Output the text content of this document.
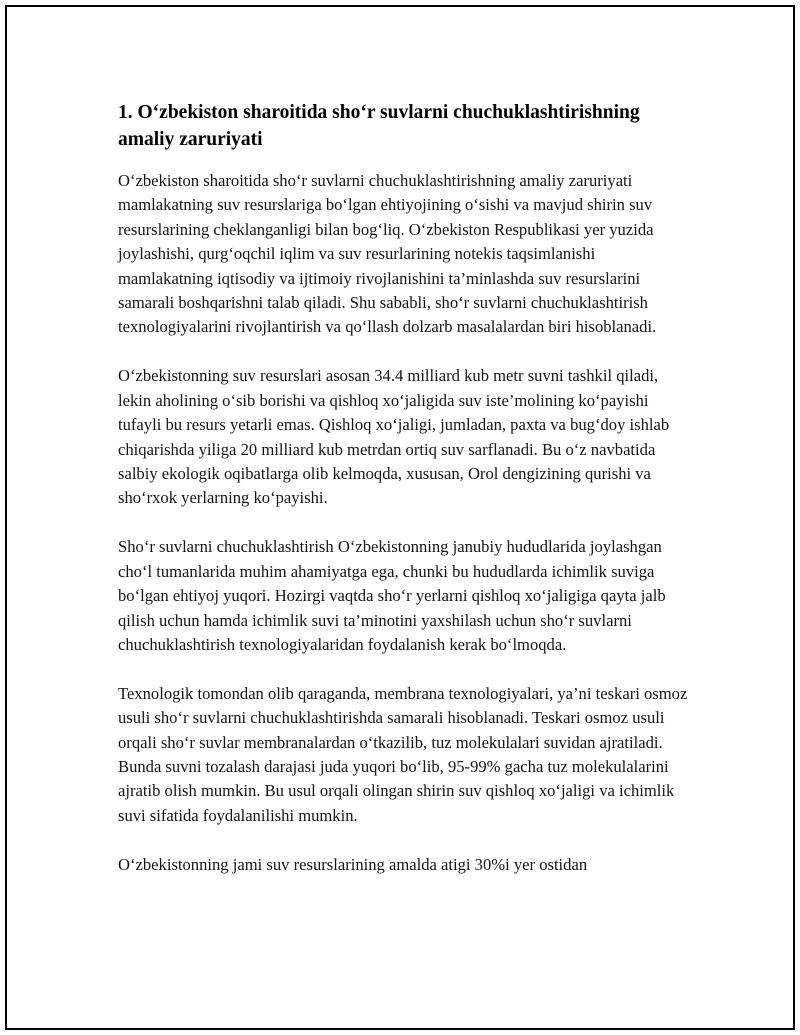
1. O‘zbekiston sharoitida sho‘r suvlarni chuchuklashtirishning amaliy zaruriyati

O‘zbekiston sharoitida sho‘r suvlarni chuchuklashtirishning amaliy zaruriyati mamlakatning suv resurslariga bo‘lgan ehtiyojining o‘sishi va mavjud shirin suv resurslarining cheklanganligi bilan bog‘liq. O‘zbekiston Respublikasi yer yuzida joylashishi, qurg‘oqchil iqlim va suv resurlarining notekis taqsimlanishi mamlakatning iqtisodiy va ijtimoiy rivojlanishini ta’minlashda suv resurslarini samarali boshqarishni talab qiladi. Shu sababli, sho‘r suvlarni chuchuklashtirish texnologiyalarini rivojlantirish va qo‘llash dolzarb masalalardan biri hisoblanadi.

O‘zbekistonning suv resurslari asosan 34.4 milliard kub metr suvni tashkil qiladi, lekin aholining o‘sib borishi va qishloq xo‘jaligida suv iste’molining ko‘payishi tufayli bu resurs yetarli emas. Qishloq xo‘jaligi, jumladan, paxta va bug‘doy ishlab chiqarishda yiliga 20 milliard kub metrdan ortiq suv sarflanadi. Bu o‘z navbatida salbiy ekologik oqibatlarga olib kelmoqda, xususan, Orol dengizining qurishi va sho‘rxok yerlarning ko‘payishi.

Sho‘r suvlarni chuchuklashtirish O‘zbekistonning janubiy hududlarida joylashgan cho‘l tumanlarida muhim ahamiyatga ega, chunki bu hududlarda ichimlik suviga bo‘lgan ehtiyoj yuqori. Hozirgi vaqtda sho‘r yerlarni qishloq xo‘jaligiga qayta jalb qilish uchun hamda ichimlik suvi ta’minotini yaxshilash uchun sho‘r suvlarni chuchuklashtirish texnologiyalaridan foydalanish kerak bo‘lmoqda.

Texnologik tomondan olib qaraganda, membrana texnologiyalari, ya’ni teskari osmoz usuli sho‘r suvlarni chuchuklashtirishda samarali hisoblanadi. Teskari osmoz usuli orqali sho‘r suvlar membranalardan o‘tkazilib, tuz molekulalari suvidan ajratiladi. Bunda suvni tozalash darajasi juda yuqori bo‘lib, 95-99% gacha tuz molekulalarini ajratib olish mumkin. Bu usul orqali olingan shirin suv qishloq xo‘jaligi va ichimlik suvi sifatida foydalanilishi mumkin.

O‘zbekistonning jami suv resurslarining amalda atigi 30%i yer ostidan
